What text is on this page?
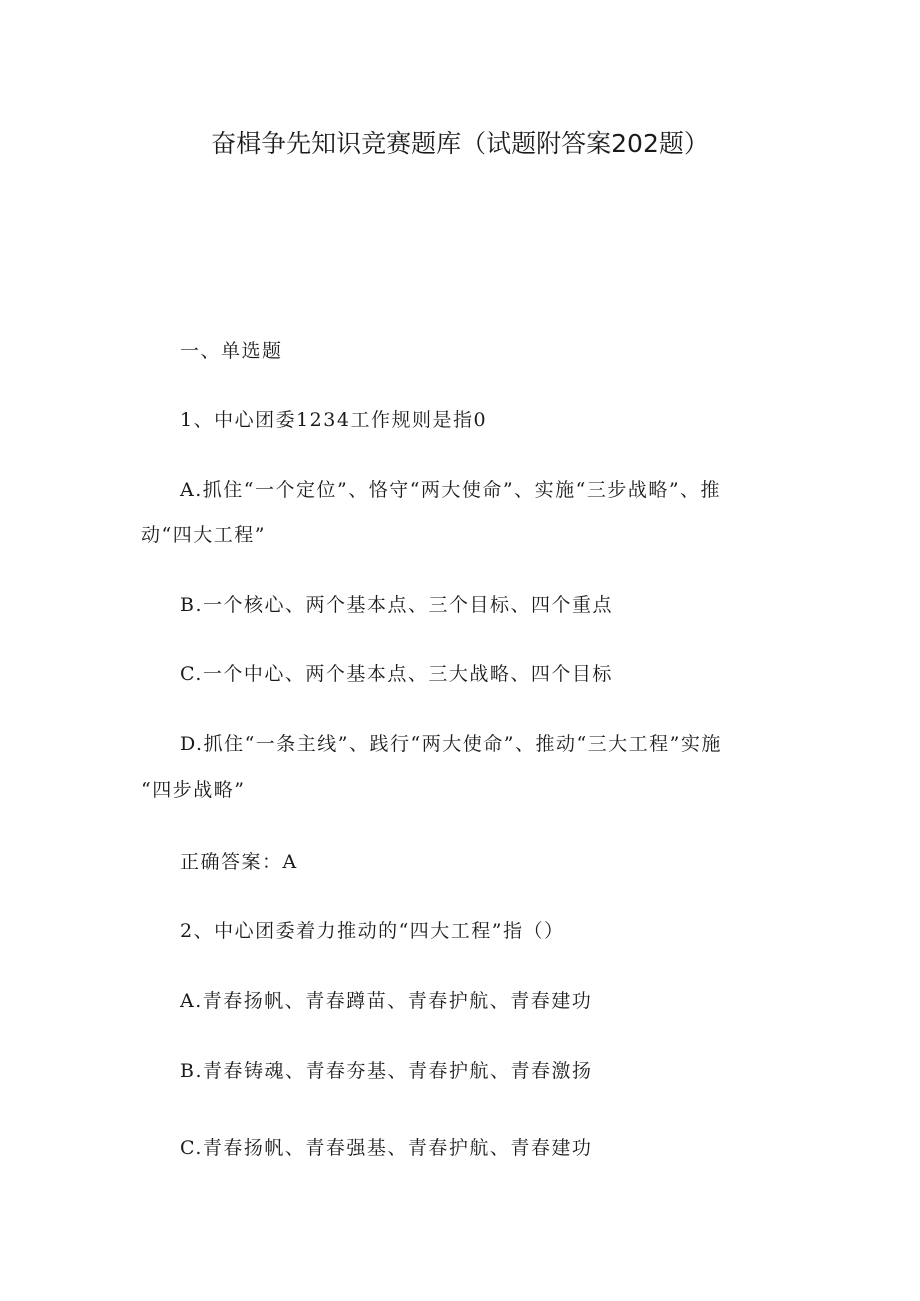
奋楫争先知识竞赛题库（试题附答案202题）
一、单选题
1、中心团委1234工作规则是指0
A.抓住“一个定位”、恪守“两大使命”、实施“三步战略”、推
动“四大工程”
B.一个核心、两个基本点、三个目标、四个重点
C.一个中心、两个基本点、三大战略、四个目标
D.抓住“一条主线”、践行“两大使命”、推动“三大工程”实施
“四步战略”
正确答案：A
2、中心团委着力推动的“四大工程”指（）
A.青春扬帆、青春蹲苗、青春护航、青春建功
B.青春铸魂、青春夯基、青春护航、青春激扬
C.青春扬帆、青春强基、青春护航、青春建功
